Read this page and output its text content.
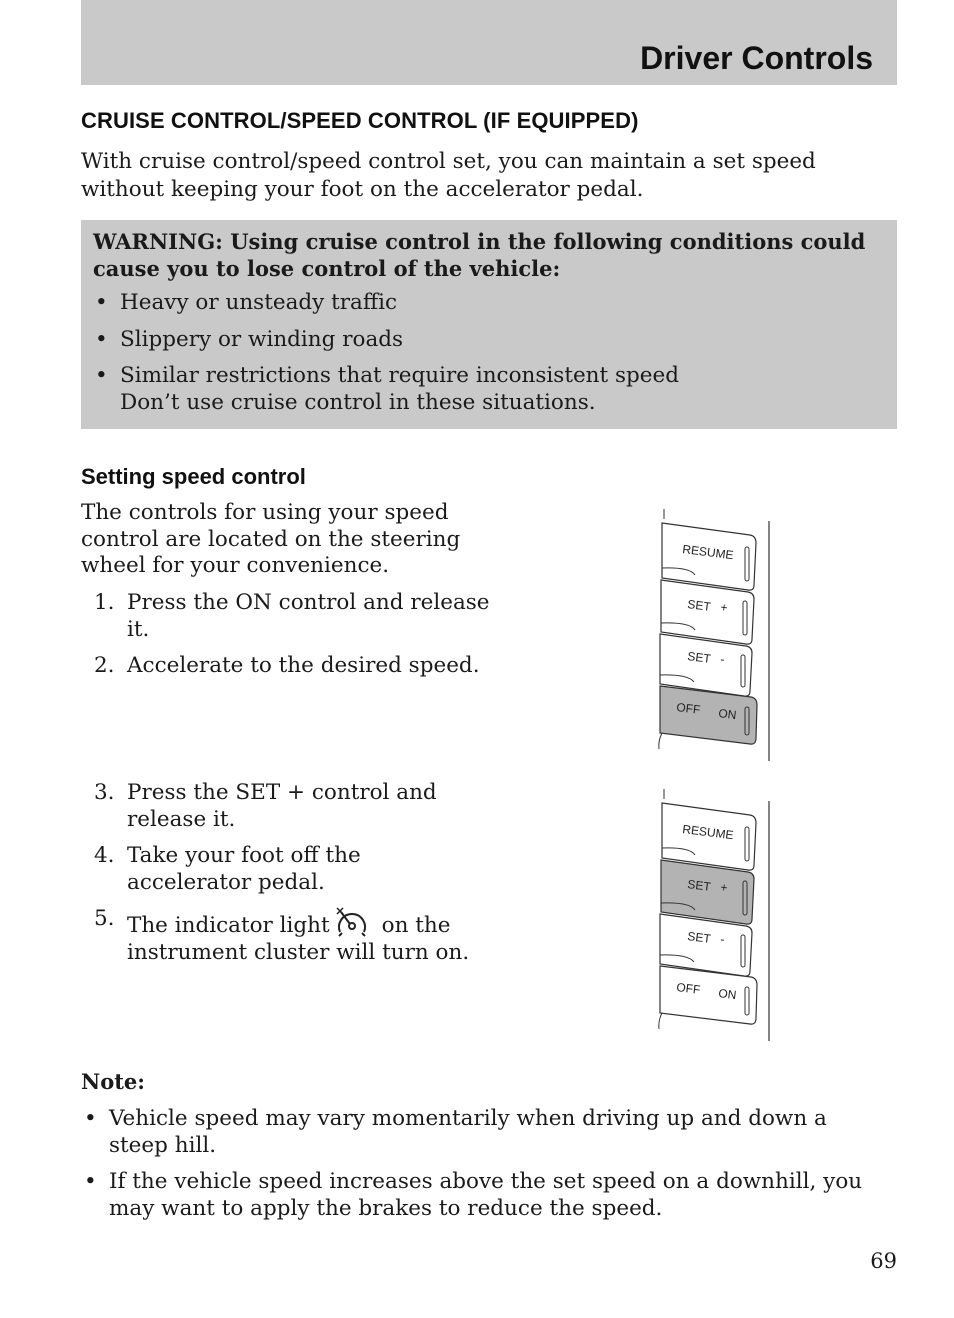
Driver Controls
CRUISE CONTROL/SPEED CONTROL (IF EQUIPPED)

With cruise control/speed control set, you can maintain a set speed without keeping your foot on the accelerator pedal.

WARNING: Using cruise control in the following conditions could cause you to lose control of the vehicle:

• Heavy or unsteady traffic
• Slippery or winding roads
• Similar restrictions that require inconsistent speed
Don’t use cruise control in these situations.
Setting speed control

The controls for using your speed control are located on the steering wheel for your convenience.

1. Press the ON control and release it.
2. Accelerate to the desired speed.
3. Press the SET + control and release it.
4. Take your foot off the accelerator pedal.
5. The indicator light on the instrument cluster will turn on.
RESUME
SET +
SET -
OFF ON
RESUME
SET +
SET -
OFF ON

Note:

• Vehicle speed may vary momentarily when driving up and down a steep hill.
• If the vehicle speed increases above the set speed on a downhill, you may want to apply the brakes to reduce the speed.

69
